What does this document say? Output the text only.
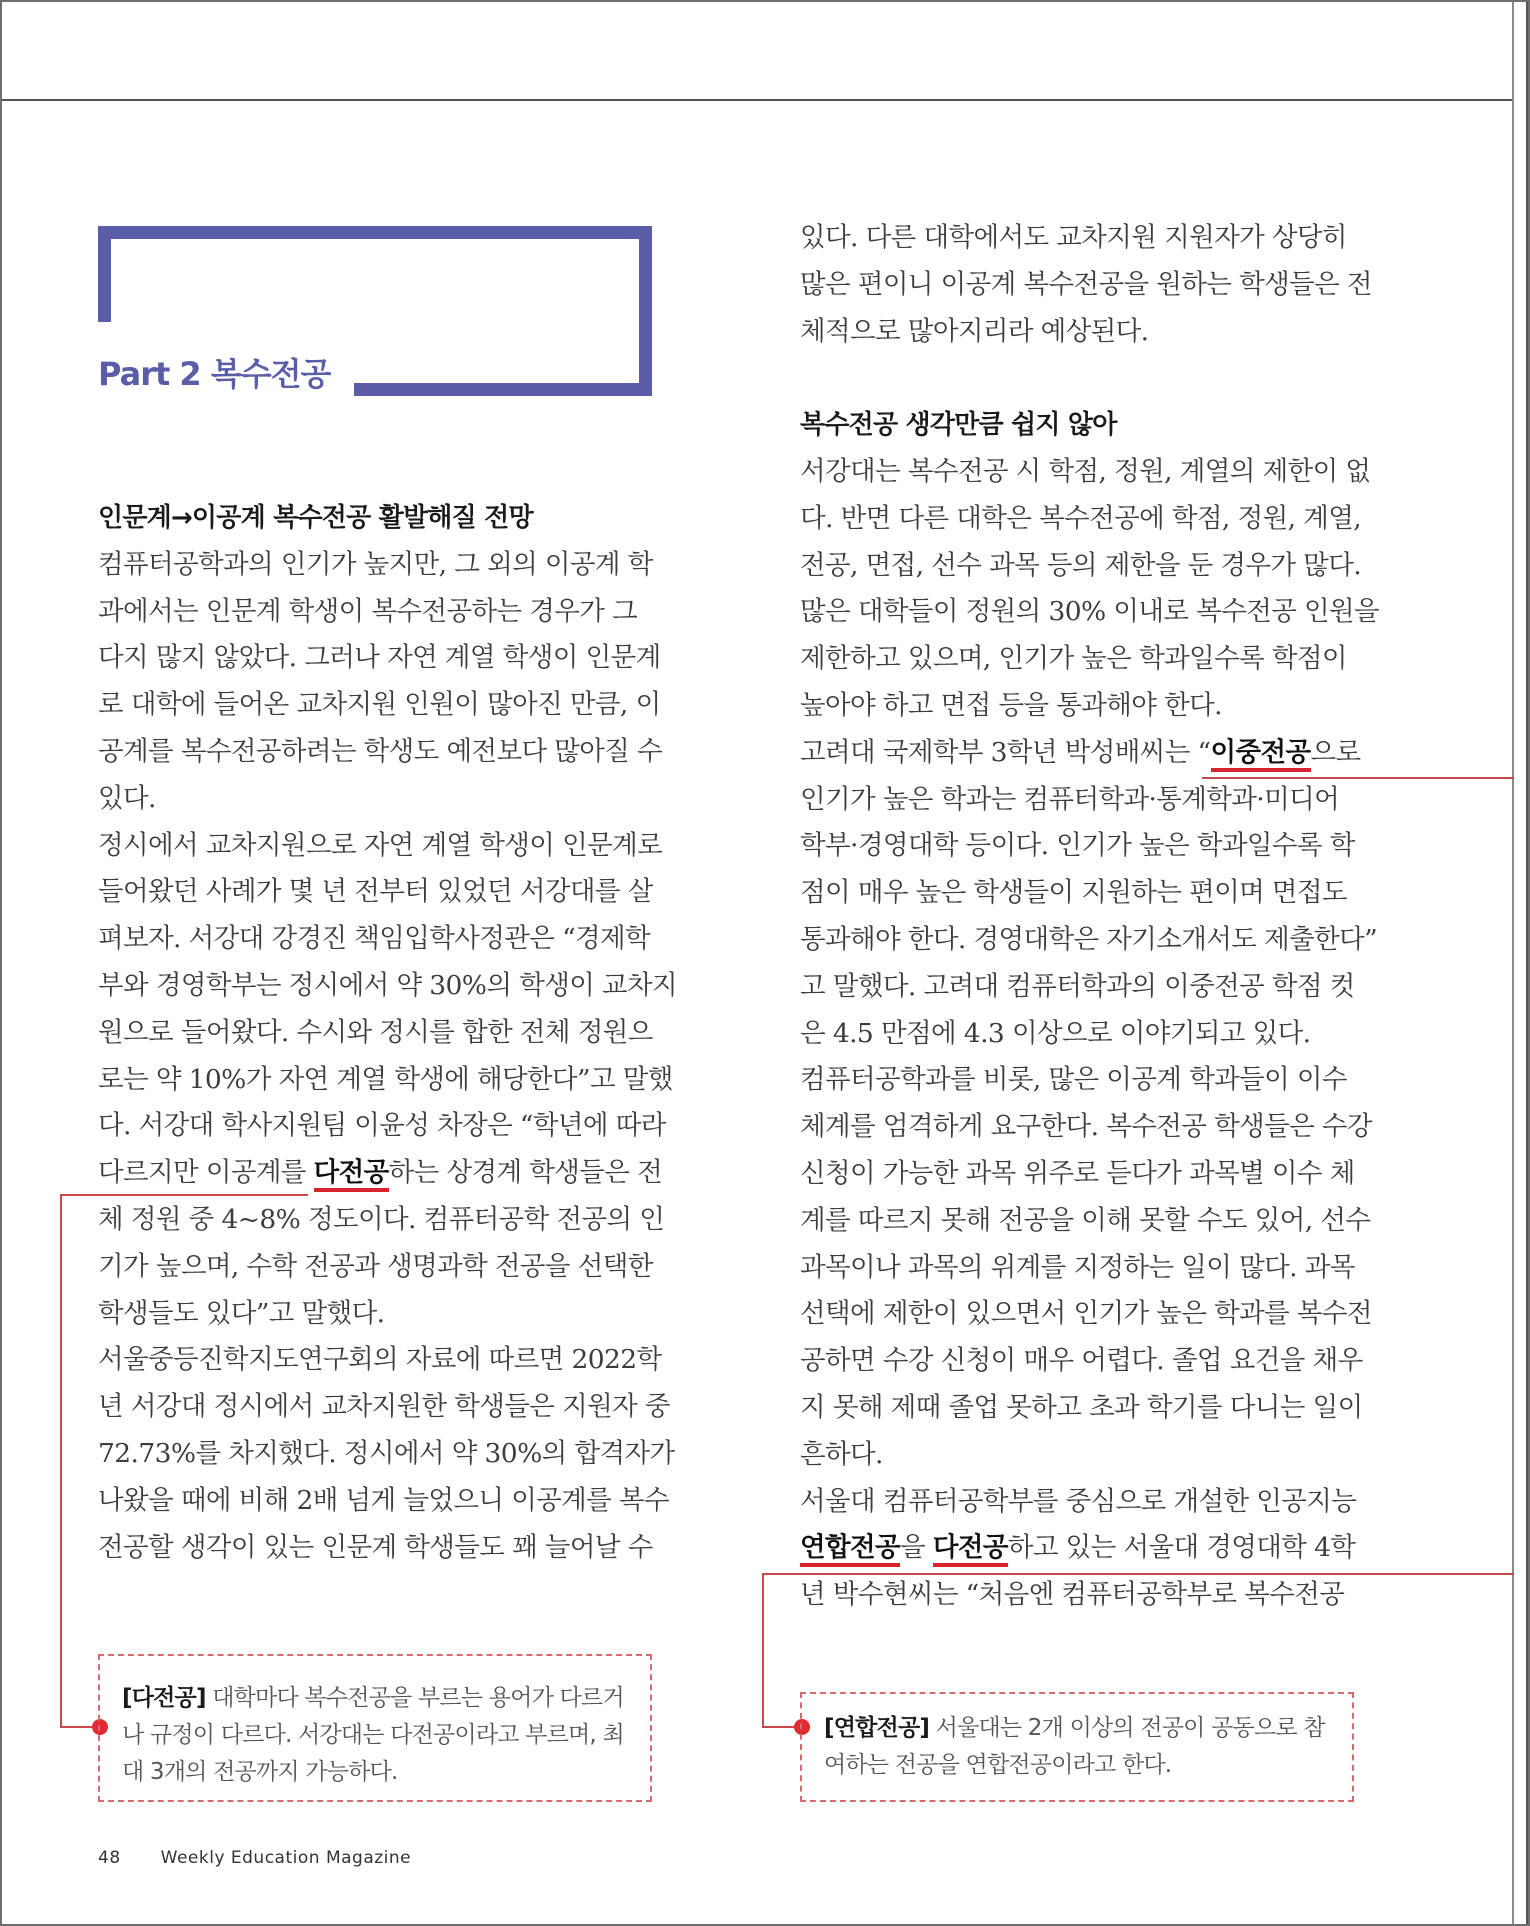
Part 2 복수전공

인문계→이공계 복수전공 활발해질 전망

컴퓨터공학과의 인기가 높지만, 그 외의 이공계 학

과에서는 인문계 학생이 복수전공하는 경우가 그

다지 많지 않았다. 그러나 자연 계열 학생이 인문계

로 대학에 들어온 교차지원 인원이 많아진 만큼, 이

공계를 복수전공하려는 학생도 예전보다 많아질 수

있다.

정시에서 교차지원으로 자연 계열 학생이 인문계로

들어왔던 사례가 몇 년 전부터 있었던 서강대를 살

펴보자. 서강대 강경진 책임입학사정관은 “경제학

부와 경영학부는 정시에서 약 30%의 학생이 교차지

원으로 들어왔다. 수시와 정시를 합한 전체 정원으

로는 약 10%가 자연 계열 학생에 해당한다”고 말했

다. 서강대 학사지원팀 이윤성 차장은 “학년에 따라

다르지만 이공계를 다전공하는 상경계 학생들은 전

체 정원 중 4~8% 정도이다. 컴퓨터공학 전공의 인

기가 높으며, 수학 전공과 생명과학 전공을 선택한

학생들도 있다”고 말했다.

서울중등진학지도연구회의 자료에 따르면 2022학

년 서강대 정시에서 교차지원한 학생들은 지원자 중

72.73%를 차지했다. 정시에서 약 30%의 합격자가

나왔을 때에 비해 2배 넘게 늘었으니 이공계를 복수

전공할 생각이 있는 인문계 학생들도 꽤 늘어날 수

있다. 다른 대학에서도 교차지원 지원자가 상당히

많은 편이니 이공계 복수전공을 원하는 학생들은 전

체적으로 많아지리라 예상된다.

복수전공 생각만큼 쉽지 않아

서강대는 복수전공 시 학점, 정원, 계열의 제한이 없

다. 반면 다른 대학은 복수전공에 학점, 정원, 계열,

전공, 면접, 선수 과목 등의 제한을 둔 경우가 많다.

많은 대학들이 정원의 30% 이내로 복수전공 인원을

제한하고 있으며, 인기가 높은 학과일수록 학점이

높아야 하고 면접 등을 통과해야 한다.

고려대 국제학부 3학년 박성배씨는 “이중전공으로

인기가 높은 학과는 컴퓨터학과·통계학과·미디어

학부·경영대학 등이다. 인기가 높은 학과일수록 학

점이 매우 높은 학생들이 지원하는 편이며 면접도

통과해야 한다. 경영대학은 자기소개서도 제출한다”

고 말했다. 고려대 컴퓨터학과의 이중전공 학점 컷

은 4.5 만점에 4.3 이상으로 이야기되고 있다.

컴퓨터공학과를 비롯, 많은 이공계 학과들이 이수

체계를 엄격하게 요구한다. 복수전공 학생들은 수강

신청이 가능한 과목 위주로 듣다가 과목별 이수 체

계를 따르지 못해 전공을 이해 못할 수도 있어, 선수

과목이나 과목의 위계를 지정하는 일이 많다. 과목

선택에 제한이 있으면서 인기가 높은 학과를 복수전

공하면 수강 신청이 매우 어렵다. 졸업 요건을 채우

지 못해 제때 졸업 못하고 초과 학기를 다니는 일이

흔하다.

서울대 컴퓨터공학부를 중심으로 개설한 인공지능

연합전공을 다전공하고 있는 서울대 경영대학 4학

년 박수현씨는 “처음엔 컴퓨터공학부로 복수전공

[다전공] 대학마다 복수전공을 부르는 용어가 다르거
나 규정이 다르다. 서강대는 다전공이라고 부르며, 최
대 3개의 전공까지 가능하다.
[연합전공] 서울대는 2개 이상의 전공이 공동으로 참
여하는 전공을 연합전공이라고 한다.
48 Weekly Education Magazine
